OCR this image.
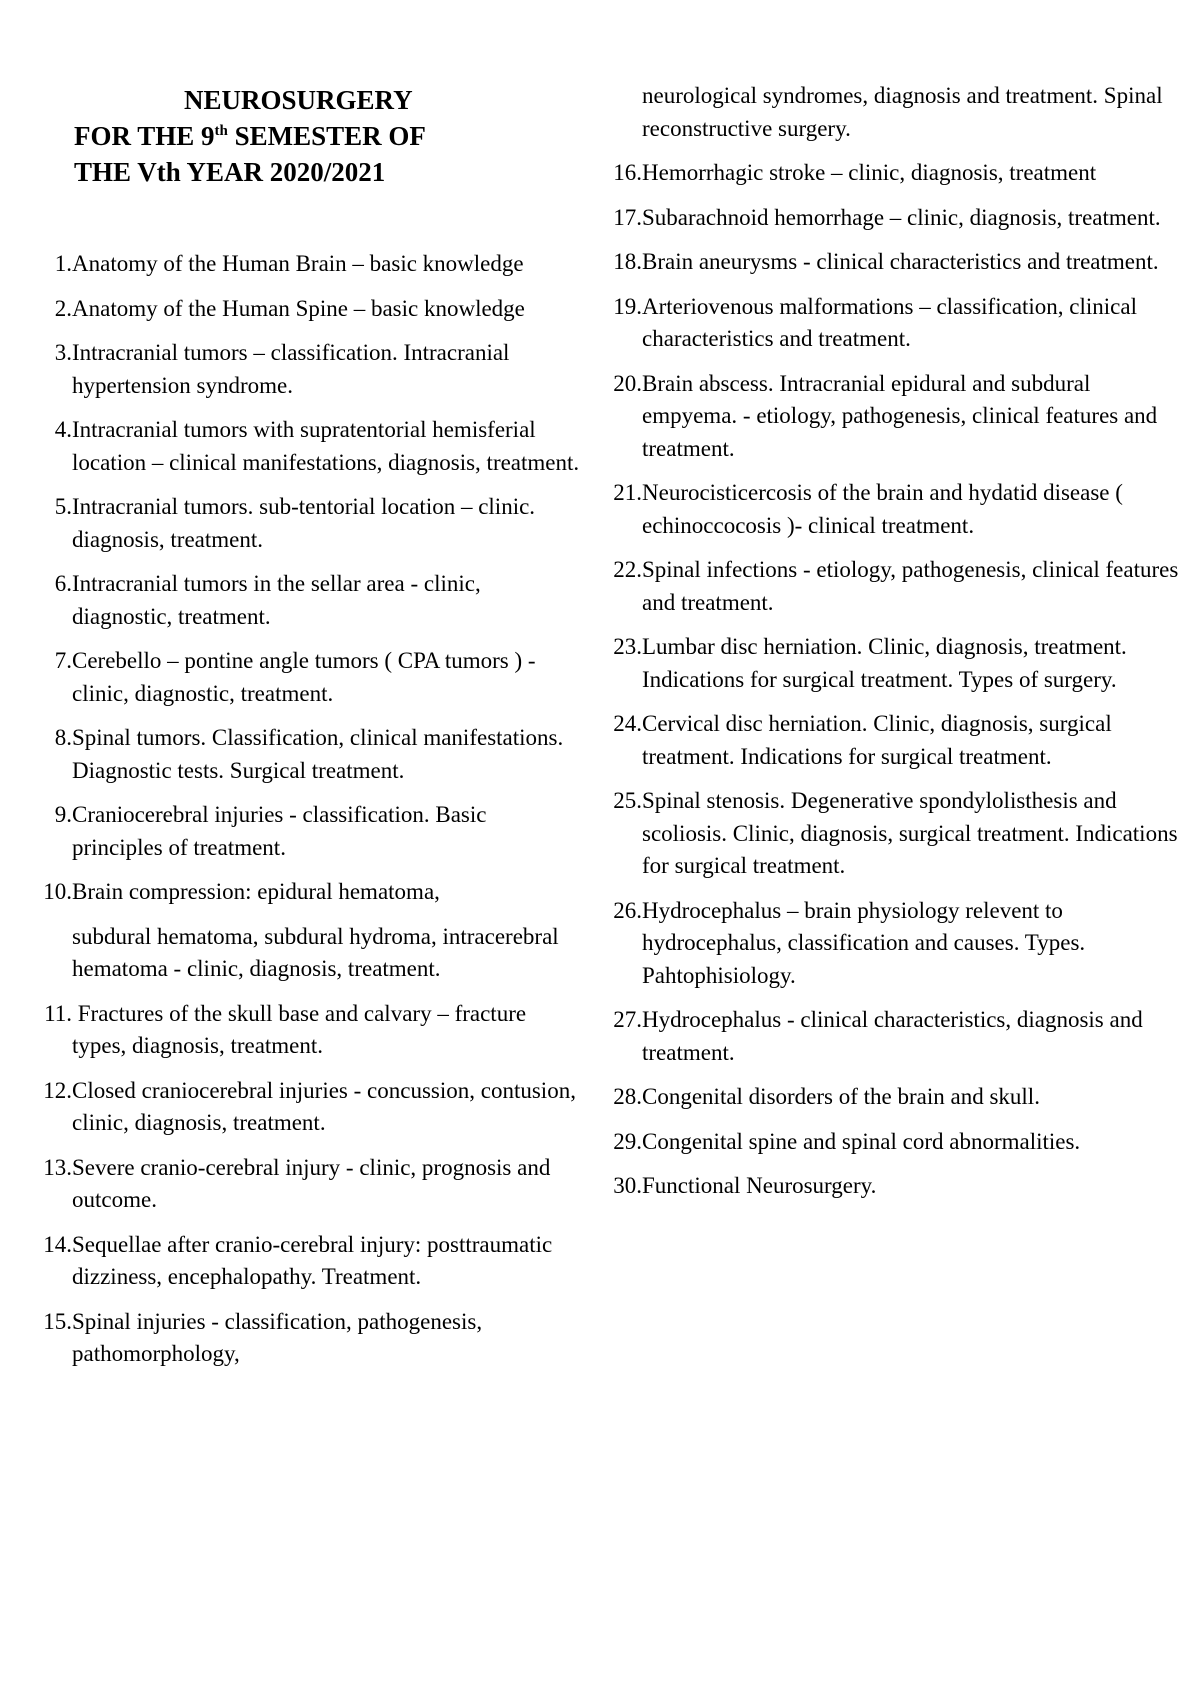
NEUROSURGERY
FOR THE 9th SEMESTER OF
THE Vth YEAR 2020/2021
1. Anatomy of the Human Brain – basic knowledge
2. Anatomy of the Human Spine – basic knowledge
3. Intracranial tumors – classification. Intracranial hypertension syndrome.
4. Intracranial tumors with supratentorial hemisferial location – clinical manifestations, diagnosis, treatment.
5. Intracranial tumors. sub-tentorial location – clinic. diagnosis, treatment.
6. Intracranial tumors in the sellar area - clinic, diagnostic, treatment.
7. Cerebello – pontine angle tumors ( CPA tumors ) - clinic, diagnostic, treatment.
8. Spinal tumors. Classification, clinical manifestations. Diagnostic tests. Surgical treatment.
9. Craniocerebral injuries - classification. Basic principles of treatment.
10. Brain compression: epidural hematoma,

subdural hematoma, subdural hydroma, intracerebral hematoma - clinic, diagnosis, treatment.

11. Fractures of the skull base and calvary – fracture types, diagnosis, treatment.
12. Closed craniocerebral injuries - concussion, contusion, clinic, diagnosis, treatment.
13. Severe cranio-cerebral injury - clinic, prognosis and outcome.
14. Sequellae after cranio-cerebral injury: posttraumatic dizziness, encephalopathy. Treatment.
15. Spinal injuries - classification, pathogenesis, pathomorphology,
neurological syndromes, diagnosis and treatment. Spinal reconstructive surgery.
16. Hemorrhagic stroke – clinic, diagnosis, treatment
17. Subarachnoid hemorrhage – clinic, diagnosis, treatment.
18. Brain aneurysms - clinical characteristics and treatment.
19. Arteriovenous malformations – classification, clinical characteristics and treatment.
20. Brain abscess. Intracranial epidural and subdural empyema. - etiology, pathogenesis, clinical features and treatment.
21. Neurocisticercosis of the brain and hydatid disease ( echinoccocosis )- clinical treatment.
22. Spinal infections - etiology, pathogenesis, clinical features and treatment.
23. Lumbar disc herniation. Clinic, diagnosis, treatment. Indications for surgical treatment. Types of surgery.
24. Cervical disc herniation. Clinic, diagnosis, surgical treatment. Indications for surgical treatment.
25. Spinal stenosis. Degenerative spondylolisthesis and scoliosis. Clinic, diagnosis, surgical treatment. Indications for surgical treatment.
26. Hydrocephalus – brain physiology relevent to hydrocephalus, classification and causes. Types. Pahtophisiology.
27. Hydrocephalus - clinical characteristics, diagnosis and treatment.
28. Congenital disorders of the brain and skull.
29. Congenital spine and spinal cord abnormalities.
30. Functional Neurosurgery.
